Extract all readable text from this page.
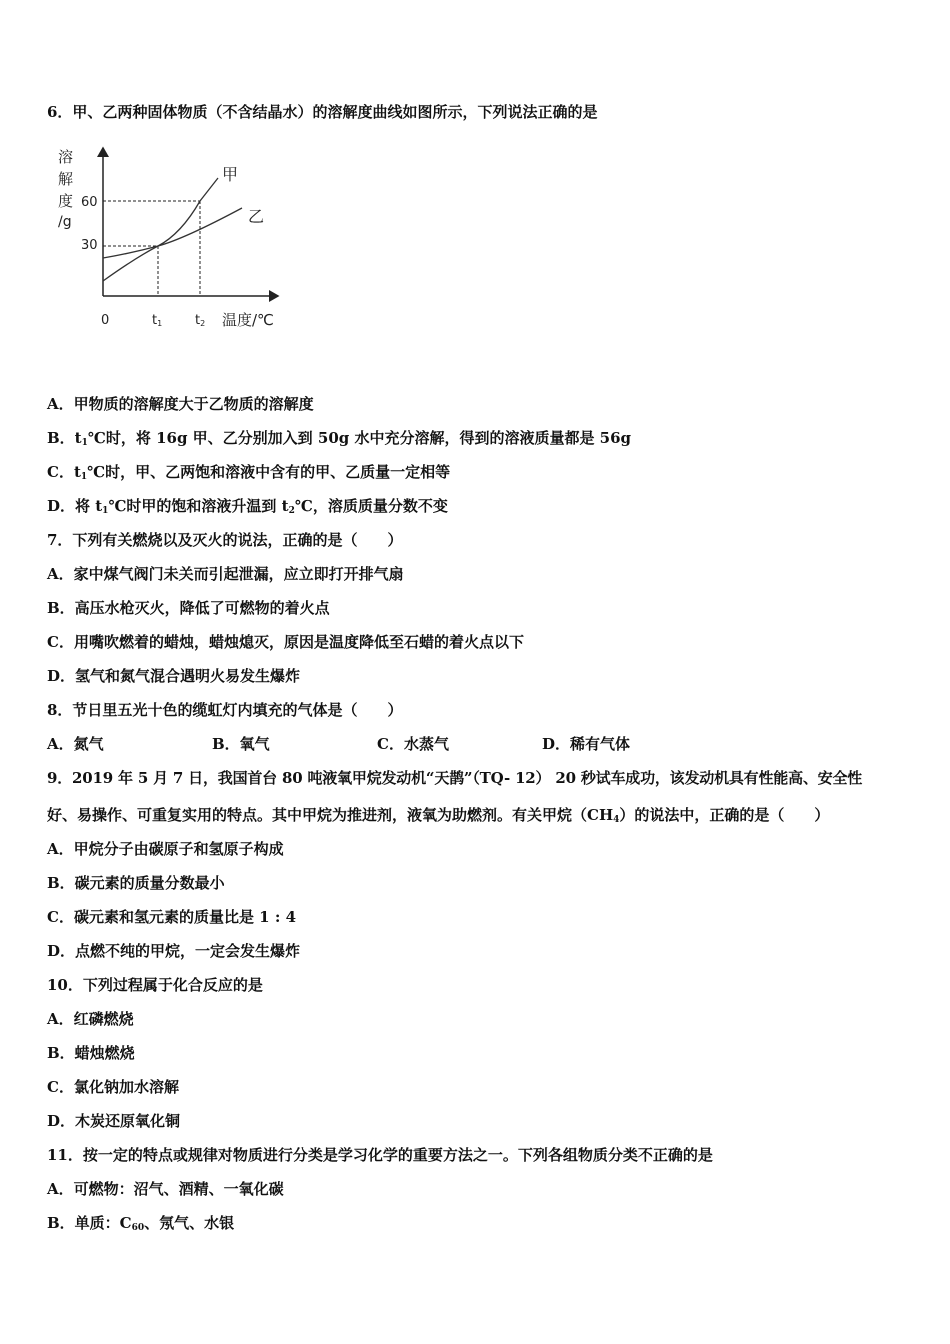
6．甲、乙两种固体物质（不含结晶水）的溶解度曲线如图所示，下列说法正确的是
溶
解
度
/g
60
30
0	t1	t2 温度/℃
甲
乙
A．甲物质的溶解度大于乙物质的溶解度
B．$t_1℃$时，将 16g 甲、乙分别加入到 50g 水中充分溶解，得到的溶液质量都是 56g
C．$t_1℃$时，甲、乙两饱和溶液中含有的甲、乙质量一定相等
D．将 $t_1℃$时甲的饱和溶液升温到 $t_2℃$，溶质质量分数不变
7．下列有关燃烧以及灭火的说法，正确的是（　　）
A．家中煤气阀门未关而引起泄漏，应立即打开排气扇
B．高压水枪灭火，降低了可燃物的着火点
C．用嘴吹燃着的蜡烛，蜡烛熄灭，原因是温度降低至石蜡的着火点以下
D．氢气和氮气混合遇明火易发生爆炸
8．节日里五光十色的缆虹灯内填充的气体是（　　）
A．氮气	B．氧气	C．水蒸气	D．稀有气体
9．2019 年 5 月 7 日，我国首台 80 吨液氧甲烷发动机“天鹊”（TQ- 12） 20 秒试车成功，该发动机具有性能高、安全性
好、易操作、可重复实用的特点。其中甲烷为推进剂，液氧为助燃剂。有关甲烷$(CH_4)$的说法中，正确的是（　　）
A．甲烷分子由碳原子和氢原子构成
B．碳元素的质量分数最小
C．碳元素和氢元素的质量比是 1 : 4
D．点燃不纯的甲烷，一定会发生爆炸
10．下列过程属于化合反应的是
A．红磷燃烧
B．蜡烛燃烧
C．氯化钠加水溶解
D．木炭还原氧化铜
11．按一定的特点或规律对物质进行分类是学习化学的重要方法之一。下列各组物质分类不正确的是
A．可燃物：沼气、酒精、一氧化碳
B．单质：$C_{60}$、氖气、水银
